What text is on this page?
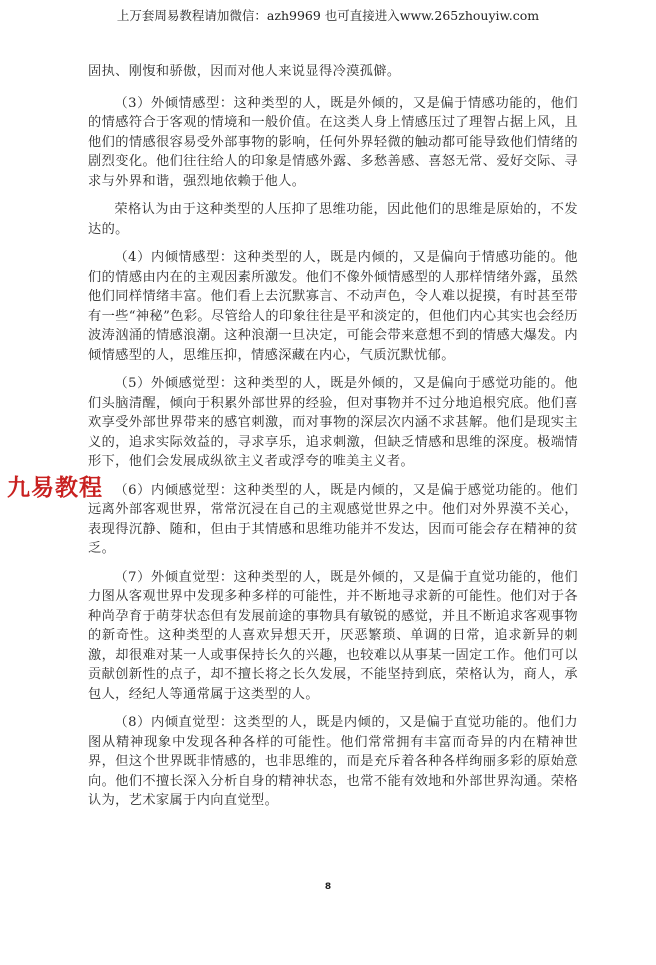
上万套周易教程请加微信：azh9969 也可直接进入www.265zhouyiw.com

固执、刚愎和骄傲，因而对他人来说显得冷漠孤僻。

（3）外倾情感型：这种类型的人，既是外倾的，又是偏于情感功能的，他们的情感符合于客观的情境和一般价值。在这类人身上情感压过了理智占据上风，且他们的情感很容易受外部事物的影响，任何外界轻微的触动都可能导致他们情绪的剧烈变化。他们往往给人的印象是情感外露、多愁善感、喜怒无常、爱好交际、寻求与外界和谐，强烈地依赖于他人。

荣格认为由于这种类型的人压抑了思维功能，因此他们的思维是原始的，不发达的。

（4）内倾情感型：这种类型的人，既是内倾的，又是偏向于情感功能的。他们的情感由内在的主观因素所激发。他们不像外倾情感型的人那样情绪外露，虽然他们同样情绪丰富。他们看上去沉默寡言、不动声色，令人难以捉摸，有时甚至带有一些“神秘”色彩。尽管给人的印象往往是平和淡定的，但他们内心其实也会经历波涛汹涌的情感浪潮。这种浪潮一旦决定，可能会带来意想不到的情感大爆发。内倾情感型的人，思维压抑，情感深藏在内心，气质沉默忧郁。

（5）外倾感觉型：这种类型的人，既是外倾的，又是偏向于感觉功能的。他们头脑清醒，倾向于积累外部世界的经验，但对事物并不过分地追根究底。他们喜欢享受外部世界带来的感官刺激，而对事物的深层次内涵不求甚解。他们是现实主义的，追求实际效益的，寻求享乐，追求刺激，但缺乏情感和思维的深度。极端情形下，他们会发展成纵欲主义者或浮夸的唯美主义者。

（6）内倾感觉型：这种类型的人，既是内倾的，又是偏于感觉功能的。他们远离外部客观世界，常常沉浸在自己的主观感觉世界之中。他们对外界漠不关心，表现得沉静、随和，但由于其情感和思维功能并不发达，因而可能会存在精神的贫乏。

（7）外倾直觉型：这种类型的人，既是外倾的，又是偏于直觉功能的，他们力图从客观世界中发现多种多样的可能性，并不断地寻求新的可能性。他们对于各种尚孕育于萌芽状态但有发展前途的事物具有敏锐的感觉，并且不断追求客观事物的新奇性。这种类型的人喜欢异想天开，厌恶繁琐、单调的日常，追求新异的刺激，却很难对某一人或事保持长久的兴趣，也较难以从事某一固定工作。他们可以贡献创新性的点子，却不擅长将之长久发展，不能坚持到底，荣格认为，商人，承包人，经纪人等通常属于这类型的人。

（8）内倾直觉型：这类型的人，既是内倾的，又是偏于直觉功能的。他们力图从精神现象中发现各种各样的可能性。他们常常拥有丰富而奇异的内在精神世界，但这个世界既非情感的，也非思维的，而是充斥着各种各样绚丽多彩的原始意向。他们不擅长深入分析自身的精神状态，也常不能有效地和外部世界沟通。荣格认为，艺术家属于内向直觉型。

九易教程
8
